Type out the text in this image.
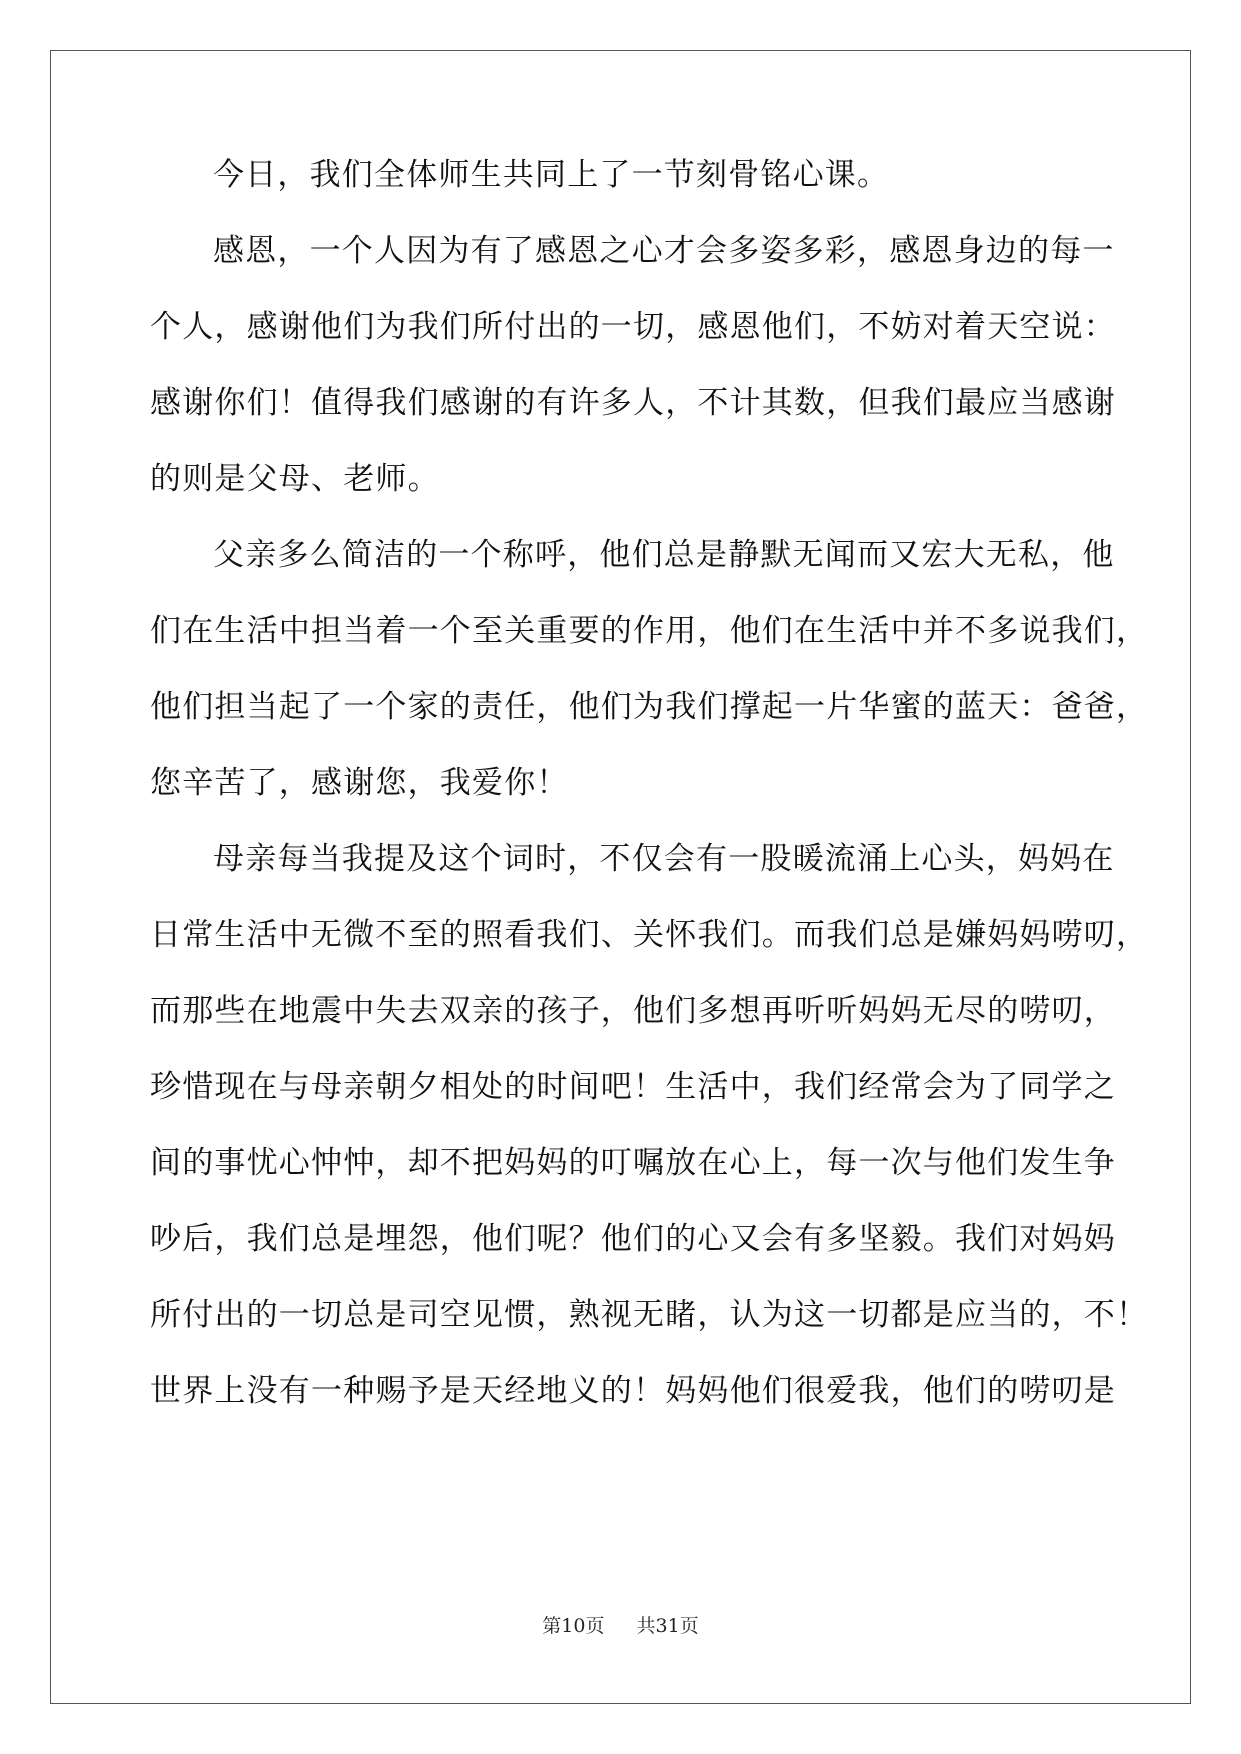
今日，我们全体师生共同上了一节刻骨铭心课。
感恩，一个人因为有了感恩之心才会多姿多彩，感恩身边的每一
个人，感谢他们为我们所付出的一切，感恩他们，不妨对着天空说：
感谢你们！值得我们感谢的有许多人，不计其数，但我们最应当感谢
的则是父母、老师。
父亲多么简洁的一个称呼，他们总是静默无闻而又宏大无私，他
们在生活中担当着一个至关重要的作用，他们在生活中并不多说我们，
他们担当起了一个家的责任，他们为我们撑起一片华蜜的蓝天：爸爸，
您辛苦了，感谢您，我爱你！
母亲每当我提及这个词时，不仅会有一股暖流涌上心头，妈妈在
日常生活中无微不至的照看我们、关怀我们。而我们总是嫌妈妈唠叨，
而那些在地震中失去双亲的孩子，他们多想再听听妈妈无尽的唠叨，
珍惜现在与母亲朝夕相处的时间吧！生活中，我们经常会为了同学之
间的事忧心忡忡，却不把妈妈的叮嘱放在心上，每一次与他们发生争
吵后，我们总是埋怨，他们呢？他们的心又会有多坚毅。我们对妈妈
所付出的一切总是司空见惯，熟视无睹，认为这一切都是应当的，不！
世界上没有一种赐予是天经地义的！妈妈他们很爱我，他们的唠叨是
第10页 共31页
